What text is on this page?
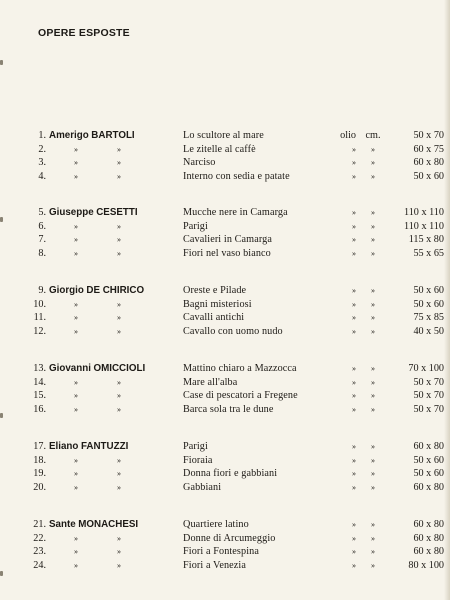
OPERE ESPOSTE
1. Amerigo BARTOLI	Lo scultore al mare	olio cm.	50 x 70
2.	»	»	Le zitelle al caffè	»	»	60 x 75
3.	»	»	Narciso	»	»	60 x 80
4.	»	»	Interno con sedia e patate	»	»	50 x 60
5. Giuseppe CESETTI	Mucche nere in Camarga	»	»	110 x 110
6.	»	»	Parigi	»	»	110 x 110
7.	»	»	Cavalieri in Camarga	»	»	115 x 80
8.	»	»	Fiori nel vaso bianco	»	»	55 x 65
9. Giorgio DE CHIRICO	Oreste e Pilade	»	»	50 x 60
10.	»	»	Bagni misteriosi	»	»	50 x 60
11.	»	»	Cavalli antichi	»	»	75 x 85
12.	»	»	Cavallo con uomo nudo	»	»	40 x 50
13. Giovanni OMICCIOLI	Mattino chiaro a Mazzocca	»	»	70 x 100
14.	»	»	Mare all'alba	»	»	50 x 70
15.	»	»	Case di pescatori a Fregene	»	»	50 x 70
16.	»	»	Barca sola tra le dune	»	»	50 x 70
17. Eliano FANTUZZI	Parigi	»	»	60 x 80
18.	»	»	Fioraia	»	»	50 x 60
19.	»	»	Donna fiori e gabbiani	»	»	50 x 60
20.	»	»	Gabbiani	»	»	60 x 80
21. Sante MONACHESI	Quartiere latino	»	»	60 x 80
22.	»	»	Donne di Arcumeggio	»	»	60 x 80
23.	»	»	Fiori a Fontespina	»	»	60 x 80
24.	»	»	Fiori a Venezia	»	»	80 x 100
